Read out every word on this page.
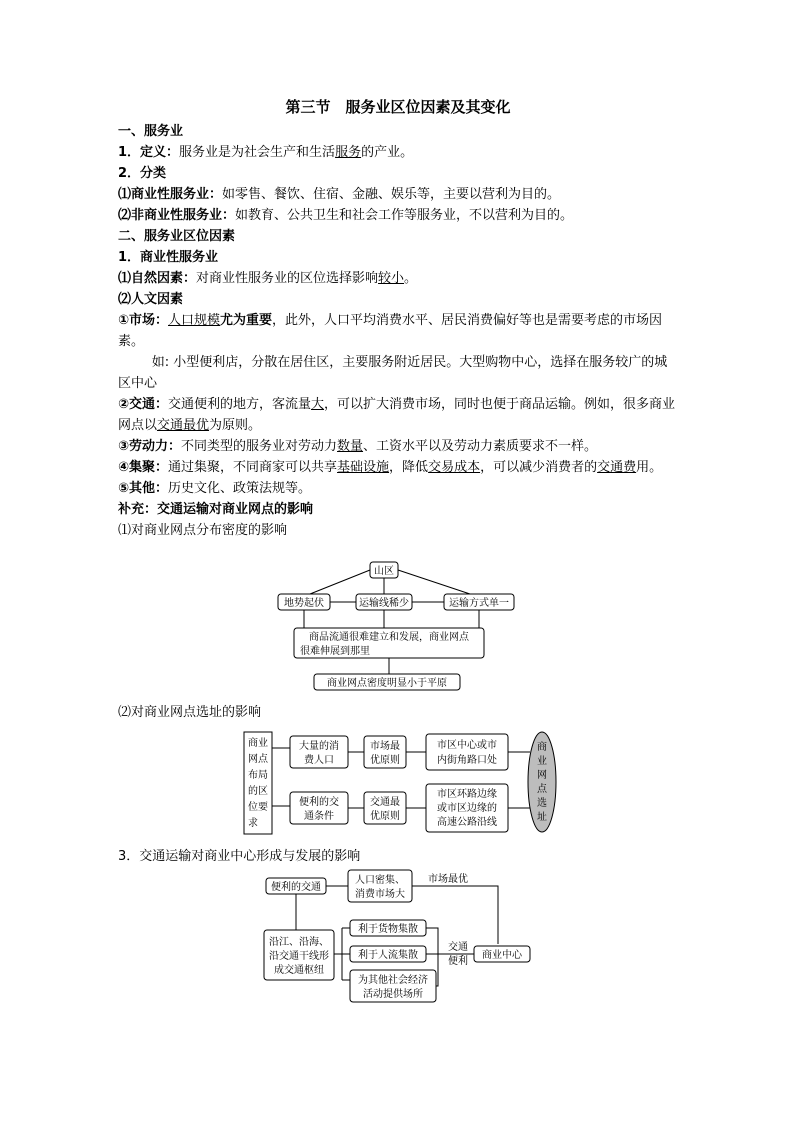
第三节　服务业区位因素及其变化

一、服务业

1．定义：服务业是为社会生产和生活服务的产业。

2．分类

⑴商业性服务业：如零售、餐饮、住宿、金融、娱乐等，主要以营利为目的。

⑵非商业性服务业：如教育、公共卫生和社会工作等服务业，不以营利为目的。

二、服务业区位因素

1．商业性服务业

⑴自然因素：对商业性服务业的区位选择影响较小。

⑵人文因素

①市场：人口规模尤为重要，此外，人口平均消费水平、居民消费偏好等也是需要考虑的市场因素。

如: 小型便利店，分散在居住区，主要服务附近居民。大型购物中心，选择在服务较广的城区中心

②交通：交通便利的地方，客流量大，可以扩大消费市场，同时也便于商品运输。例如，很多商业网点以交通最优为原则。

③劳动力：不同类型的服务业对劳动力数量、工资水平以及劳动力素质要求不一样。

④集聚：通过集聚，不同商家可以共享基础设施，降低交易成本，可以减少消费者的交通费用。

⑤其他：历史文化、政策法规等。

补充：交通运输对商业网点的影响

⑴对商业网点分布密度的影响

山区
地势起伏	运输线稀少	运输方式单一
商品流通很难建立和发展，商业网点
很难伸展到那里
商业网点密度明显小于平原

⑵对商业网点选址的影响

商业
网点
布局
的区
位要
求
大量的消
费人口
便利的交
通条件
市场最
优原则
交通最
优原则
市区中心或市
内街角路口处
市区环路边缘
或市区边缘的
高速公路沿线
商
业
网
点
选
址

3．交通运输对商业中心形成与发展的影响

便利的交通
人口密集、
消费市场大
市场最优
沿江、沿海、
沿交通干线形
成交通枢纽
利于货物集散
利于人流集散
为其他社会经济
活动提供场所
交通
便利
商业中心
